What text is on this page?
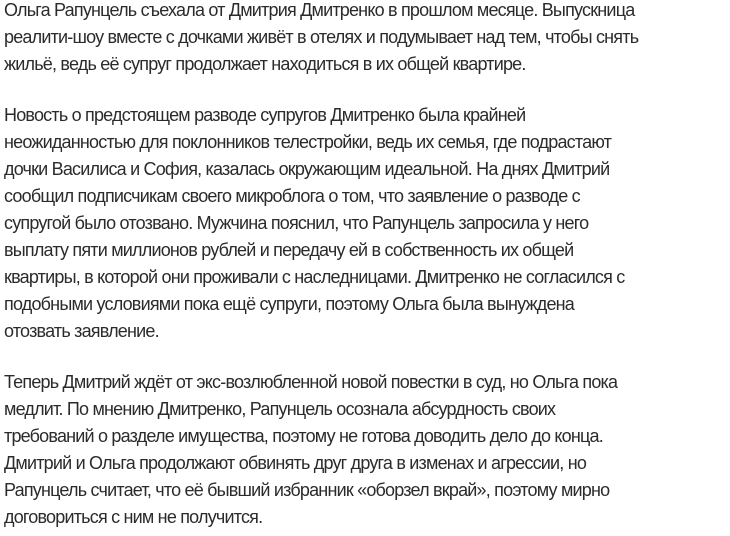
Ольга Рапунцель съехала от Дмитрия Дмитренко в прошлом месяце. Выпускница
реалити-шоу вместе с дочками живёт в отелях и подумывает над тем, чтобы снять
жильё, ведь её супруг продолжает находиться в их общей квартире.

Новость о предстоящем разводе супругов Дмитренко была крайней
неожиданностью для поклонников телестройки, ведь их семья, где подрастают
дочки Василиса и София, казалась окружающим идеальной. На днях Дмитрий
сообщил подписчикам своего микроблога о том, что заявление о разводе с
супругой было отозвано. Мужчина пояснил, что Рапунцель запросила у него
выплату пяти миллионов рублей и передачу ей в собственность их общей
квартиры, в которой они проживали с наследницами. Дмитренко не согласился с
подобными условиями пока ещё супруги, поэтому Ольга была вынуждена
отозвать заявление.

Теперь Дмитрий ждёт от экс-возлюбленной новой повестки в суд, но Ольга пока
медлит. По мнению Дмитренко, Рапунцель осознала абсурдность своих
требований о разделе имущества, поэтому не готова доводить дело до конца.
Дмитрий и Ольга продолжают обвинять друг друга в изменах и агрессии, но
Рапунцель считает, что её бывший избранник «оборзел вкрай», поэтому мирно
договориться с ним не получится.
